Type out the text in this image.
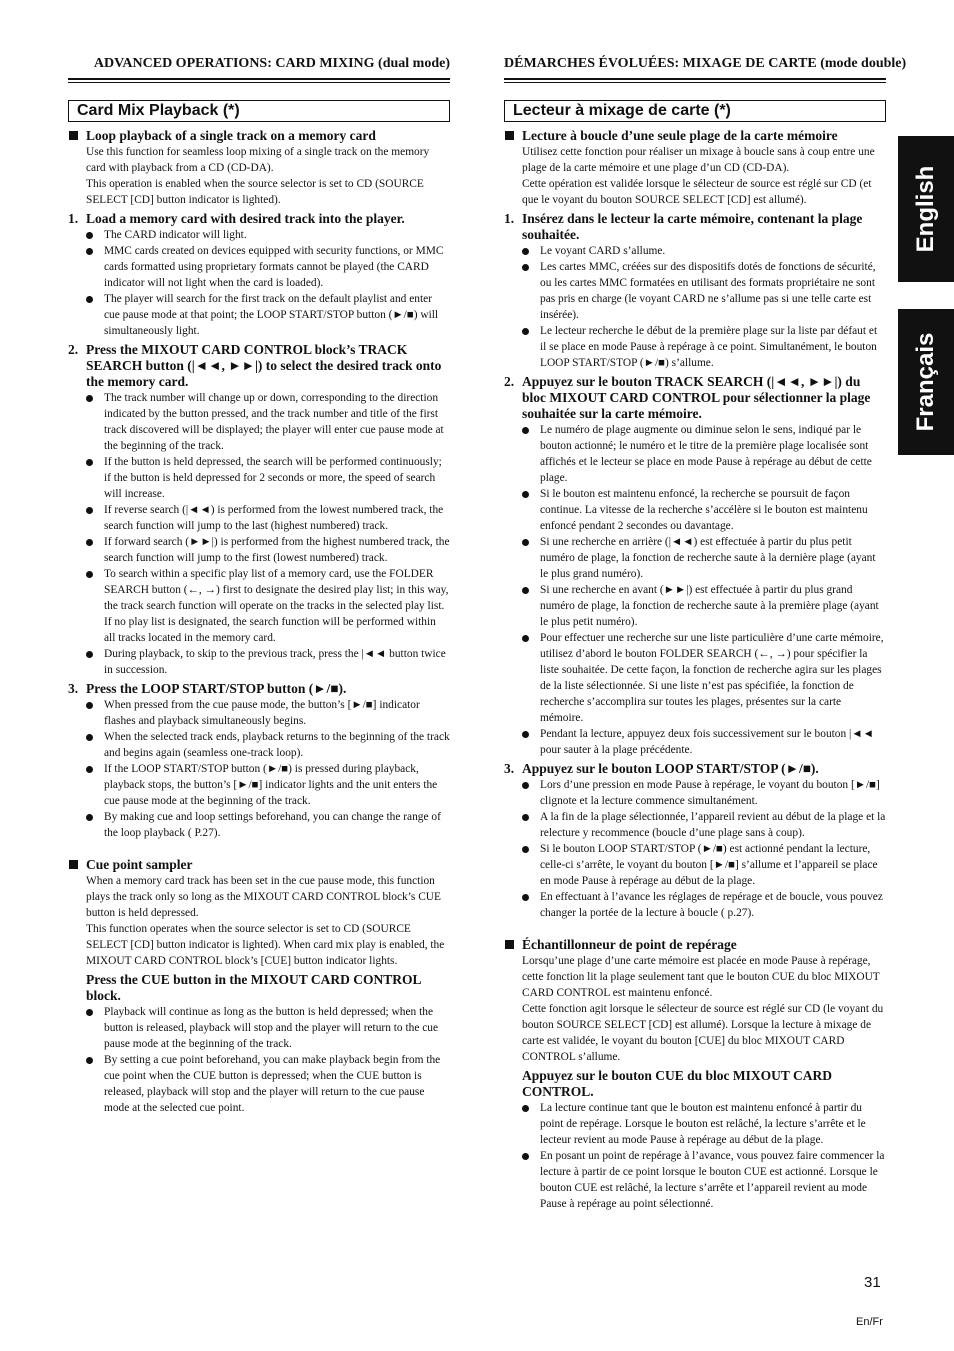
ADVANCED OPERATIONS: CARD MIXING (dual mode)
Card Mix Playback (*)
Loop playback of a single track on a memory card
Use this function for seamless loop mixing of a single track on the memory card with playback from a CD (CD-DA).
This operation is enabled when the source selector is set to CD (SOURCE SELECT [CD] button indicator is lighted).
1. Load a memory card with desired track into the player.
The CARD indicator will light.
MMC cards created on devices equipped with security functions, or MMC cards formatted using proprietary formats cannot be played (the CARD indicator will not light when the card is loaded).
The player will search for the first track on the default playlist and enter cue pause mode at that point; the LOOP START/STOP button (►/■) will simultaneously light.
2. Press the MIXOUT CARD CONTROL block’s TRACK SEARCH button (|◄◄, ►►|) to select the desired track onto the memory card.
The track number will change up or down, corresponding to the direction indicated by the button pressed, and the track number and title of the first track discovered will be displayed; the player will enter cue pause mode at the beginning of the track.
If the button is held depressed, the search will be performed continuously; if the button is held depressed for 2 seconds or more, the speed of search will increase.
If reverse search (|◄◄) is performed from the lowest numbered track, the search function will jump to the last (highest numbered) track.
If forward search (►►|) is performed from the highest numbered track, the search function will jump to the first (lowest numbered) track.
To search within a specific play list of a memory card, use the FOLDER SEARCH button (←, →) first to designate the desired play list; in this way, the track search function will operate on the tracks in the selected play list. If no play list is designated, the search function will be performed within all tracks located in the memory card.
During playback, to skip to the previous track, press the |◄◄ button twice in succession.
3. Press the LOOP START/STOP button (►/■).
When pressed from the cue pause mode, the button’s [►/■] indicator flashes and playback simultaneously begins.
When the selected track ends, playback returns to the beginning of the track and begins again (seamless one-track loop).
If the LOOP START/STOP button (►/■) is pressed during playback, playback stops, the button’s [►/■] indicator lights and the unit enters the cue pause mode at the beginning of the track.
By making cue and loop settings beforehand, you can change the range of the loop playback ( P.27).
Cue point sampler
When a memory card track has been set in the cue pause mode, this function plays the track only so long as the MIXOUT CARD CONTROL block’s CUE button is held depressed.
This function operates when the source selector is set to CD (SOURCE SELECT [CD] button indicator is lighted). When card mix play is enabled, the MIXOUT CARD CONTROL block’s [CUE] button indicator lights.
Press the CUE button in the MIXOUT CARD CONTROL block.
Playback will continue as long as the button is held depressed; when the button is released, playback will stop and the player will return to the cue pause mode at the beginning of the track.
By setting a cue point beforehand, you can make playback begin from the cue point when the CUE button is depressed; when the CUE button is released, playback will stop and the player will return to the cue pause mode at the selected cue point.
DÉMARCHES ÉVOLUÉES: MIXAGE DE CARTE (mode double)
Lecteur à mixage de carte (*)
Lecture à boucle d’une seule plage de la carte mémoire
Utilisez cette fonction pour réaliser un mixage à boucle sans à coup entre une plage de la carte mémoire et une plage d’un CD (CD-DA).
Cette opération est validée lorsque le sélecteur de source est réglé sur CD (et que le voyant du bouton SOURCE SELECT [CD] est allumé).
1. Insérez dans le lecteur la carte mémoire, contenant la plage souhaitée.
Le voyant CARD s’allume.
Les cartes MMC, créées sur des dispositifs dotés de fonctions de sécurité, ou les cartes MMC formatées en utilisant des formats propriétaire ne sont pas pris en charge (le voyant CARD ne s’allume pas si une telle carte est insérée).
Le lecteur recherche le début de la première plage sur la liste par défaut et il se place en mode Pause à repérage à ce point. Simultanément, le bouton LOOP START/STOP (►/■) s’allume.
2. Appuyez sur le bouton TRACK SEARCH (|◄◄, ►►|) du bloc MIXOUT CARD CONTROL pour sélectionner la plage souhaitée sur la carte mémoire.
Le numéro de plage augmente ou diminue selon le sens, indiqué par le bouton actionné; le numéro et le titre de la première plage localisée sont affichés et le lecteur se place en mode Pause à repérage au début de cette plage.
Si le bouton est maintenu enfoncé, la recherche se poursuit de façon continue. La vitesse de la recherche s’accélère si le bouton est maintenu enfoncé pendant 2 secondes ou davantage.
Si une recherche en arrière (|◄◄) est effectuée à partir du plus petit numéro de plage, la fonction de recherche saute à la dernière plage (ayant le plus grand numéro).
Si une recherche en avant (►►|) est effectuée à partir du plus grand numéro de plage, la fonction de recherche saute à la première plage (ayant le plus petit numéro).
Pour effectuer une recherche sur une liste particulière d’une carte mémoire, utilisez d’abord le bouton FOLDER SEARCH (←, →) pour spécifier la liste souhaitée. De cette façon, la fonction de recherche agira sur les plages de la liste sélectionnée. Si une liste n’est pas spécifiée, la fonction de recherche s’accomplira sur toutes les plages, présentes sur la carte mémoire.
Pendant la lecture, appuyez deux fois successivement sur le bouton |◄◄ pour sauter à la plage précédente.
3. Appuyez sur le bouton LOOP START/STOP (►/■).
Lors d’une pression en mode Pause à repérage, le voyant du bouton [►/■] clignote et la lecture commence simultanément.
A la fin de la plage sélectionnée, l’appareil revient au début de la plage et la relecture y recommence (boucle d’une plage sans à coup).
Si le bouton LOOP START/STOP (►/■) est actionné pendant la lecture, celle-ci s’arrête, le voyant du bouton [►/■] s’allume et l’appareil se place en mode Pause à repérage au début de la plage.
En effectuant à l’avance les réglages de repérage et de boucle, vous pouvez changer la portée de la lecture à boucle ( p.27).
Échantillonneur de point de repérage
Lorsqu’une plage d’une carte mémoire est placée en mode Pause à repérage, cette fonction lit la plage seulement tant que le bouton CUE du bloc MIXOUT CARD CONTROL est maintenu enfoncé.
Cette fonction agit lorsque le sélecteur de source est réglé sur CD (le voyant du bouton SOURCE SELECT [CD] est allumé). Lorsque la lecture à mixage de carte est validée, le voyant du bouton [CUE] du bloc MIXOUT CARD CONTROL s’allume.
Appuyez sur le bouton CUE du bloc MIXOUT CARD CONTROL.
La lecture continue tant que le bouton est maintenu enfoncé à partir du point de repérage. Lorsque le bouton est relâché, la lecture s’arrête et le lecteur revient au mode Pause à repérage au début de la plage.
En posant un point de repérage à l’avance, vous pouvez faire commencer la lecture à partir de ce point lorsque le bouton CUE est actionné. Lorsque le bouton CUE est relâché, la lecture s’arrête et l’appareil revient au mode Pause à repérage au point sélectionné.
English
Français
31
En/Fr
